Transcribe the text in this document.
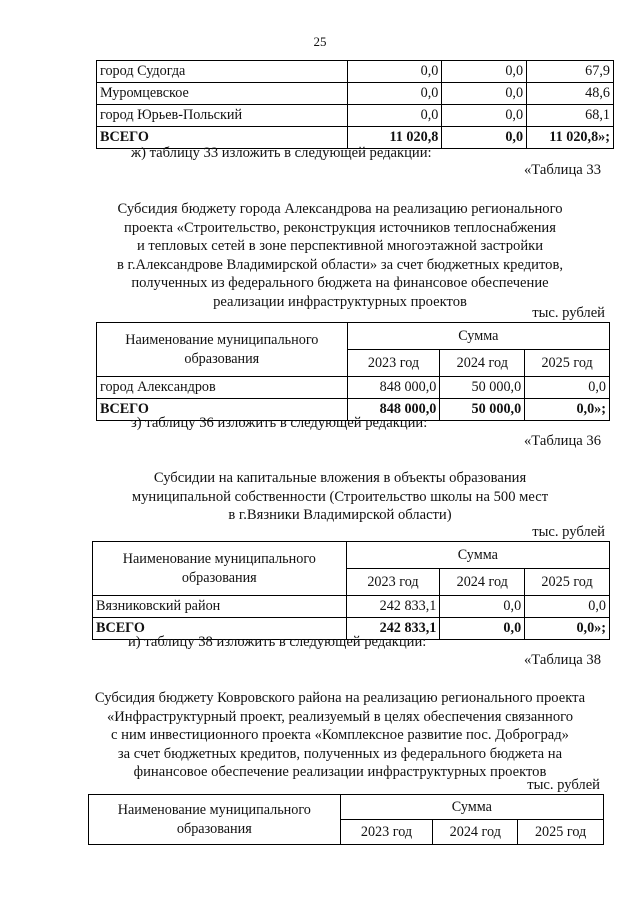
25
город Судогда	0,0	0,0	67,9
Муромцевское	0,0	0,0	48,6
город Юрьев-Польский	0,0	0,0	68,1
ВСЕГО	11 020,8	0,0	11 020,8»;
ж) таблицу 33 изложить в следующей редакции:
«Таблица 33
Субсидия бюджету города Александрова на реализацию регионального
проекта «Строительство, реконструкция источников теплоснабжения
и тепловых сетей в зоне перспективной многоэтажной застройки
в г.Александрове Владимирской области» за счет бюджетных кредитов,
полученных из федерального бюджета на финансовое обеспечение
реализации инфраструктурных проектов
тыс. рублей
Наименование муниципального
образования	Сумма		
	2023 год	2024 год	2025 год
город Александров	848 000,0	50 000,0	0,0
ВСЕГО	848 000,0	50 000,0	0,0»;
з) таблицу 36 изложить в следующей редакции:
«Таблица 36
Субсидии на капитальные вложения в объекты образования
муниципальной собственности (Строительство школы на 500 мест
в г.Вязники Владимирской области)
тыс. рублей
Наименование муниципального
образования	Сумма		
	2023 год	2024 год	2025 год
Вязниковский район	242 833,1	0,0	0,0
ВСЕГО	242 833,1	0,0	0,0»;
и) таблицу 38 изложить в следующей редакции:
«Таблица 38
Субсидия бюджету Ковровского района на реализацию регионального проекта
«Инфраструктурный проект, реализуемый в целях обеспечения связанного
с ним инвестиционного проекта «Комплексное развитие пос. Доброград»
за счет бюджетных кредитов, полученных из федерального бюджета на
финансовое обеспечение реализации инфраструктурных проектов
тыс. рублей
Наименование муниципального
образования	Сумма		
	2023 год	2024 год	2025 год
